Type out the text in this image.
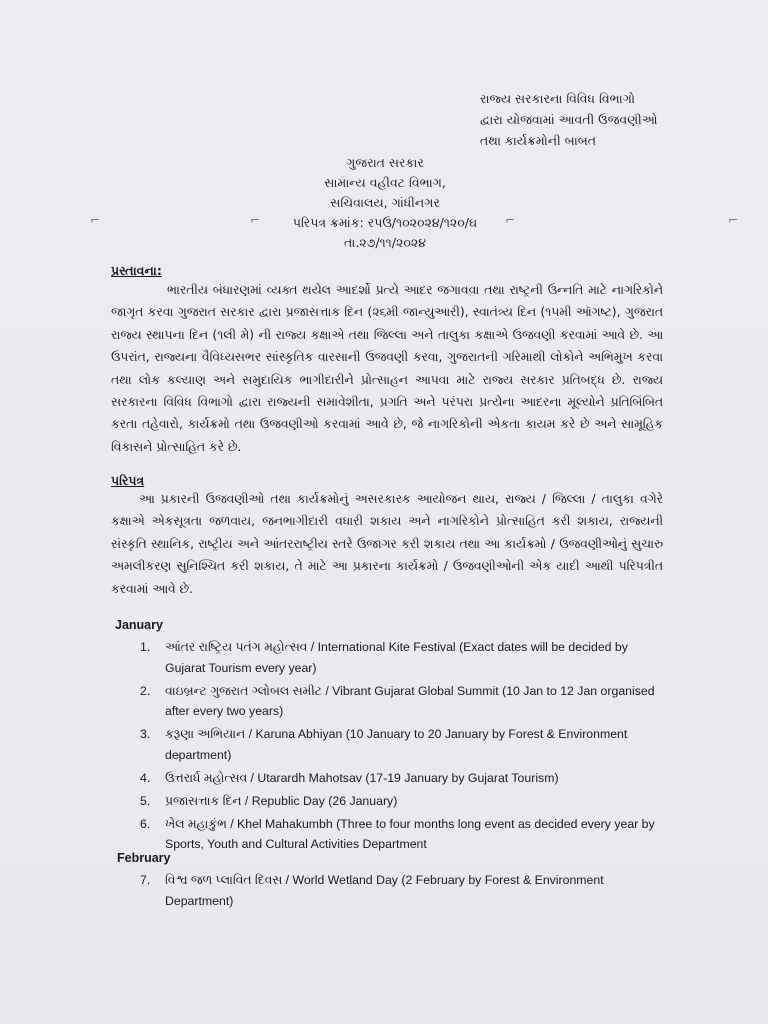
⌐	⌐	⌐	⌐
રાજ્ય સરકારના વિવિધ વિભાગો
દ્વારા યોજવામાં આવતી ઉજવણીઓ
તથા કાર્યક્રમોની બાબત
ગુજરાત સરકાર
સામાન્ય વહીવટ વિભાગ,
સચિવાલય, ગાંધીનગર
પરિપત્ર ક્રમાંક: રપઉ/૧૦૨૦૨૪/૧૨૦/ઘ
તા.૨૭/૧૧/૨૦૨૪
પ્રસ્તાવના:
ભારતીય બંધારણમાં વ્યક્ત થયેલ આદર્શો પ્રત્યે આદર જગાવવા તથા રાષ્ટ્રની ઉન્નતિ માટે નાગરિકોને જાગૃત કરવા ગુજરાત સરકાર દ્વારા પ્રજાસત્તાક દિન (૨૬મી જાન્યુઆરી), સ્વાતંત્ર્ય દિન (૧૫મી ઑગષ્ટ), ગુજરાત રાજ્ય સ્થાપના દિન (૧લી મે) ની રાજ્ય કક્ષાએ તથા જિલ્લા અને તાલુકા કક્ષાએ ઉજવણી કરવામાં આવે છે. આ ઉપરાંત, રાજ્યના વૈવિધ્યસભર સાંસ્કૃતિક વારસાની ઉજવણી કરવા, ગુજરાતની ગરિમાથી લોકોને અભિમુખ કરવા તથા લોક કલ્યાણ અને સમુદાયિક ભાગીદારીને પ્રોત્સાહન આપવા માટે રાજ્ય સરકાર પ્રતિબદ્ધ છે. રાજ્ય સરકારના વિવિધ વિભાગો દ્વારા રાજ્યની સમાવેશીતા, પ્રગતિ અને પરંપરા પ્રત્યેના આદરના મૂલ્યોને પ્રતિબિંબિત કરતા તહેવારો, કાર્યક્રમો તથા ઉજવણીઓ કરવામાં આવે છે, જે નાગરિકોની એકતા કાયમ કરે છે અને સામૂહિક વિકાસને પ્રોત્સાહિત કરે છે.
પરિપત્ર
આ પ્રકારની ઉજવણીઓ તથા કાર્યક્રમોનું અસરકારક આયોજન થાય, રાજ્ય / જિલ્લા / તાલુકા વગેરે કક્ષાએ એકસૂત્રતા જળવાય, જનભાગીદારી વધારી શકાય અને નાગરિકોને પ્રોત્સાહિત કરી શકાય, રાજ્યની સંસ્કૃતિ સ્થાનિક, રાષ્ટ્રીય અને આંતરરાષ્ટ્રીય સ્તરે ઉજાગર કરી શકાય તથા આ કાર્યક્રમો / ઉજવણીઓનું સુચારુ અમલીકરણ સુનિશ્ચિત કરી શકાય, તે માટે આ પ્રકારના કાર્યક્રમો / ઉજવણીઓની એક યાદી આથી પરિપત્રીત કરવામાં આવે છે.
January
1.	આંતર રાષ્ટ્રિય પતંગ મહોત્સવ / International Kite Festival (Exact dates will be decided by Gujarat Tourism every year)
2.	વાઇબ્રન્ટ ગુજરાત ગ્લોબલ સમીટ / Vibrant Gujarat Global Summit (10 Jan to 12 Jan organised after every two years)
3.	કરૂણા અભિયાન / Karuna Abhiyan (10 January to 20 January by Forest & Environment department)
4.	ઉત્તરાર્ધ મહોત્સવ / Utarardh Mahotsav (17-19 January by Gujarat Tourism)
5.	પ્રજાસત્તાક દિન / Republic Day (26 January)
6.	ખેલ મહાકુંભ / Khel Mahakumbh (Three to four months long event as decided every year by Sports, Youth and Cultural Activities Department
February
7.	વિશ્વ જળ પ્લાવિત દિવસ / World Wetland Day (2 February by Forest & Environment Department)
